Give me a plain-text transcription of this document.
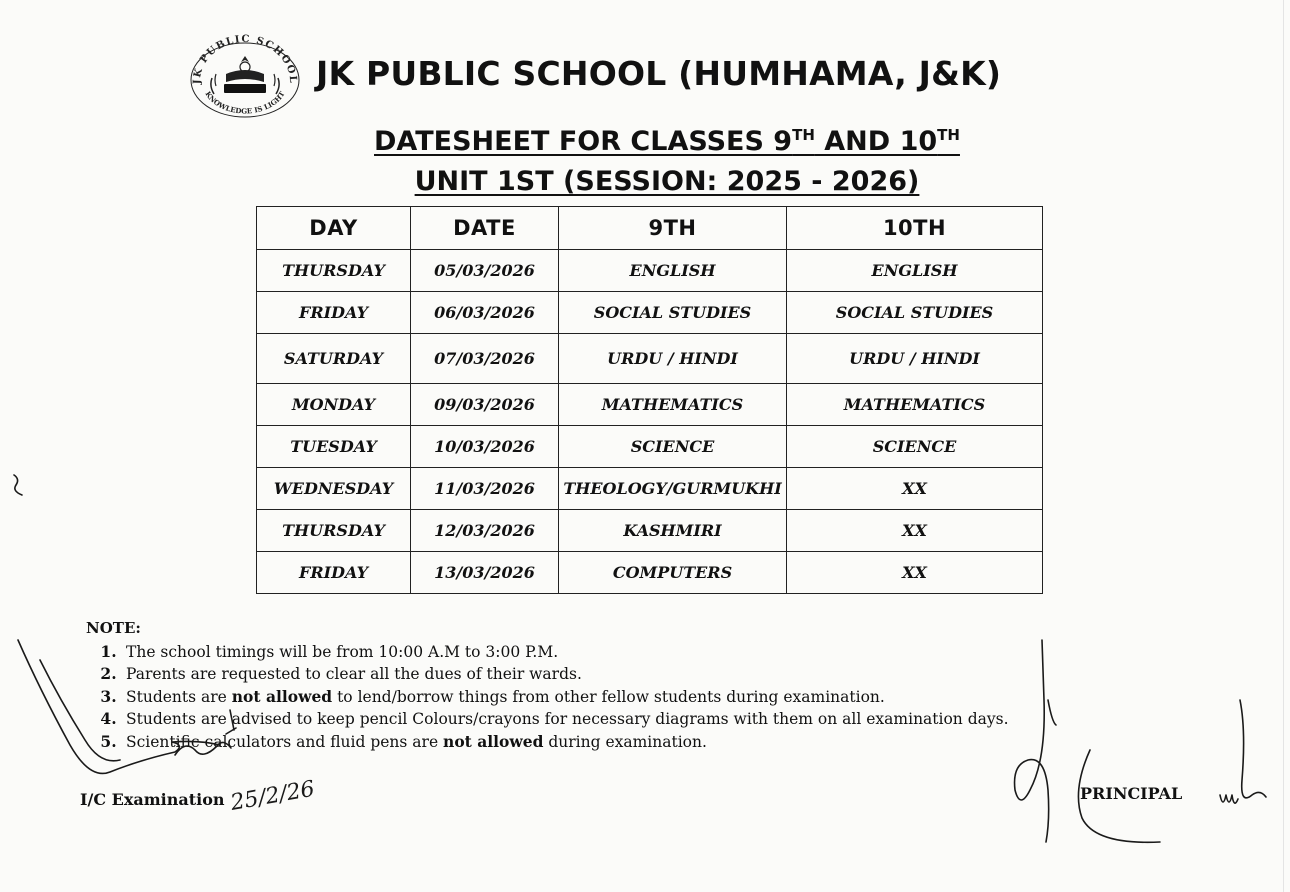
JK PUBLIC SCHOOL
KNOWLEDGE IS LIGHT
JK PUBLIC SCHOOL (HUMHAMA, J&K)
DATESHEET FOR CLASSES 9TH AND 10TH
UNIT 1ST (SESSION: 2025 - 2026)
DAY	DATE	9TH	10TH
THURSDAY	05/03/2026	ENGLISH	ENGLISH
FRIDAY	06/03/2026	SOCIAL STUDIES	SOCIAL STUDIES
SATURDAY	07/03/2026	URDU / HINDI	URDU / HINDI
MONDAY	09/03/2026	MATHEMATICS	MATHEMATICS
TUESDAY	10/03/2026	SCIENCE	SCIENCE
WEDNESDAY	11/03/2026	THEOLOGY/GURMUKHI	XX
THURSDAY	12/03/2026	KASHMIRI	XX
FRIDAY	13/03/2026	COMPUTERS	XX
NOTE:
1. The school timings will be from 10:00 A.M to 3:00 P.M.
2. Parents are requested to clear all the dues of their wards.
3. Students are not allowed to lend/borrow things from other fellow students during examination.
4. Students are advised to keep pencil Colours/crayons for necessary diagrams with them on all examination days.
5. Scientific calculators and fluid pens are not allowed during examination.
I/C Examination	PRINCIPAL
25/2/26
